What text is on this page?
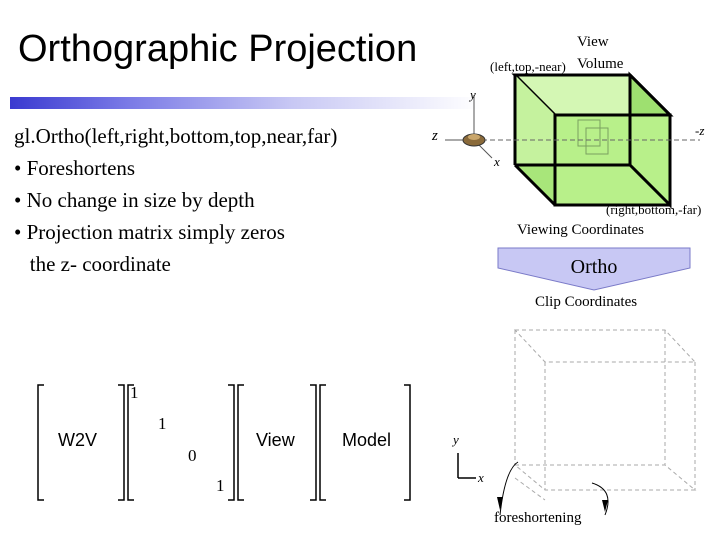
Orthographic Projection
gl.Ortho(left,right,bottom,top,near,far)
• Foreshortens
• No change in size by depth
• Projection matrix simply zeros
the z- coordinate
View
(left,top,-near) Volume
y
z
x
-z
(right,bottom,-far)
Viewing Coordinates
Ortho
Clip Coordinates
W2V
1
1
0
1
View	Model	y
x
foreshortening
